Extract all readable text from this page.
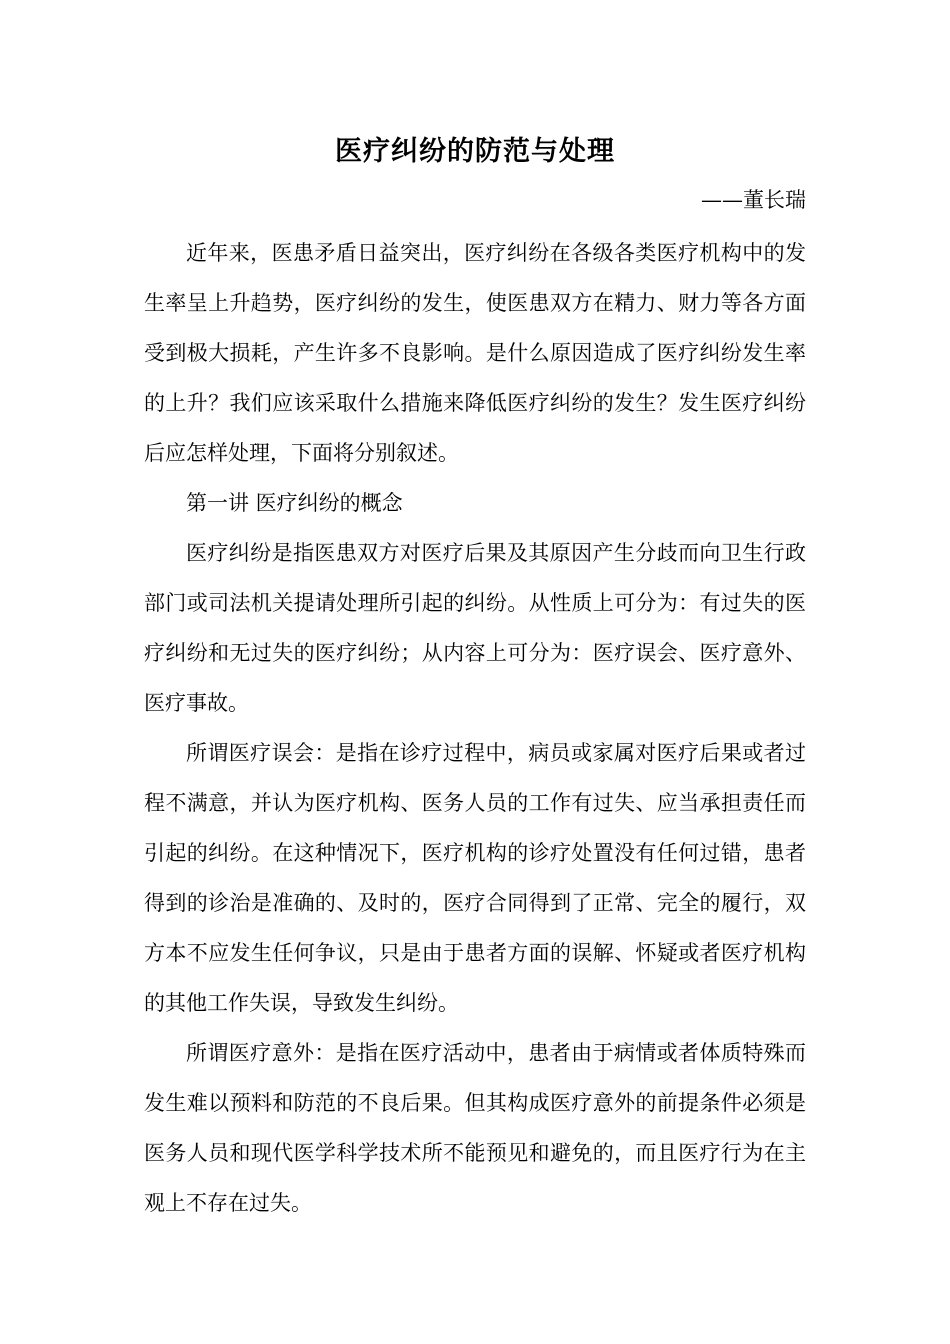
医疗纠纷的防范与处理
——董长瑞

近年来，医患矛盾日益突出，医疗纠纷在各级各类医疗机构中的发生率呈上升趋势，医疗纠纷的发生，使医患双方在精力、财力等各方面受到极大损耗，产生许多不良影响。是什么原因造成了医疗纠纷发生率的上升？我们应该采取什么措施来降低医疗纠纷的发生？发生医疗纠纷后应怎样处理，下面将分别叙述。

第一讲 医疗纠纷的概念

医疗纠纷是指医患双方对医疗后果及其原因产生分歧而向卫生行政部门或司法机关提请处理所引起的纠纷。从性质上可分为：有过失的医疗纠纷和无过失的医疗纠纷；从内容上可分为：医疗误会、医疗意外、医疗事故。

所谓医疗误会：是指在诊疗过程中，病员或家属对医疗后果或者过程不满意，并认为医疗机构、医务人员的工作有过失、应当承担责任而引起的纠纷。在这种情况下，医疗机构的诊疗处置没有任何过错，患者得到的诊治是准确的、及时的，医疗合同得到了正常、完全的履行，双方本不应发生任何争议，只是由于患者方面的误解、怀疑或者医疗机构的其他工作失误，导致发生纠纷。

所谓医疗意外：是指在医疗活动中，患者由于病情或者体质特殊而发生难以预料和防范的不良后果。但其构成医疗意外的前提条件必须是医务人员和现代医学科学技术所不能预见和避免的，而且医疗行为在主观上不存在过失。
